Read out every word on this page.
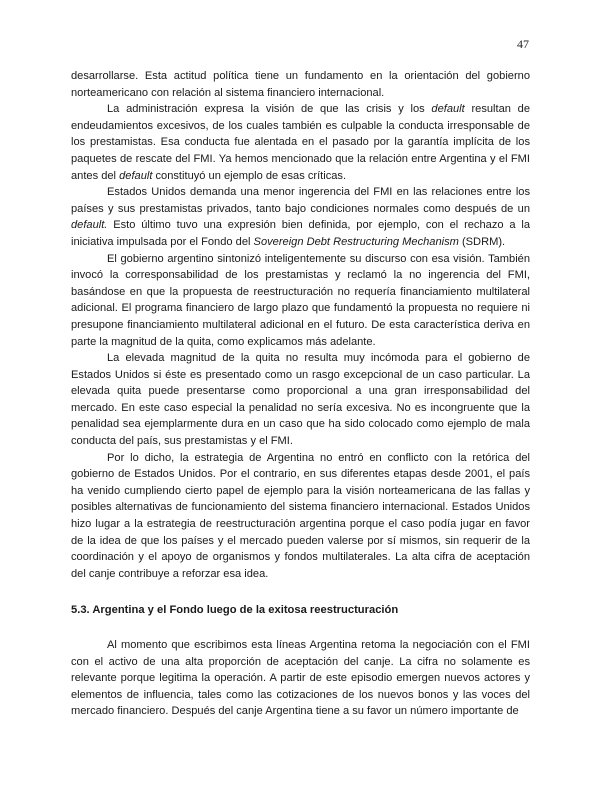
47

desarrollarse. Esta actitud política tiene un fundamento en la orientación del gobierno norteamericano con relación al sistema financiero internacional.

La administración expresa la visión de que las crisis y los default resultan de endeudamientos excesivos, de los cuales también es culpable la conducta irresponsable de los prestamistas. Esa conducta fue alentada en el pasado por la garantía implícita de los paquetes de rescate del FMI. Ya hemos mencionado que la relación entre Argentina y el FMI antes del default constituyó un ejemplo de esas críticas.

Estados Unidos demanda una menor ingerencia del FMI en las relaciones entre los países y sus prestamistas privados, tanto bajo condiciones normales como después de un default. Esto último tuvo una expresión bien definida, por ejemplo, con el rechazo a la iniciativa impulsada por el Fondo del Sovereign Debt Restructuring Mechanism (SDRM).

El gobierno argentino sintonizó inteligentemente su discurso con esa visión. También invocó la corresponsabilidad de los prestamistas y reclamó la no ingerencia del FMI, basándose en que la propuesta de reestructuración no requería financiamiento multilateral adicional. El programa financiero de largo plazo que fundamentó la propuesta no requiere ni presupone financiamiento multilateral adicional en el futuro. De esta característica deriva en parte la magnitud de la quita, como explicamos más adelante.

La elevada magnitud de la quita no resulta muy incómoda para el gobierno de Estados Unidos si éste es presentado como un rasgo excepcional de un caso particular. La elevada quita puede presentarse como proporcional a una gran irresponsabilidad del mercado. En este caso especial la penalidad no sería excesiva. No es incongruente que la penalidad sea ejemplarmente dura en un caso que ha sido colocado como ejemplo de mala conducta del país, sus prestamistas y el FMI.

Por lo dicho, la estrategia de Argentina no entró en conflicto con la retórica del gobierno de Estados Unidos. Por el contrario, en sus diferentes etapas desde 2001, el país ha venido cumpliendo cierto papel de ejemplo para la visión norteamericana de las fallas y posibles alternativas de funcionamiento del sistema financiero internacional. Estados Unidos hizo lugar a la estrategia de reestructuración argentina porque el caso podía jugar en favor de la idea de que los países y el mercado pueden valerse por sí mismos, sin requerir de la coordinación y el apoyo de organismos y fondos multilaterales. La alta cifra de aceptación del canje contribuye a reforzar esa idea.

5.3. Argentina y el Fondo luego de la exitosa reestructuración

Al momento que escribimos esta líneas Argentina retoma la negociación con el FMI con el activo de una alta proporción de aceptación del canje. La cifra no solamente es relevante porque legitima la operación. A partir de este episodio emergen nuevos actores y elementos de influencia, tales como las cotizaciones de los nuevos bonos y las voces del mercado financiero. Después del canje Argentina tiene a su favor un número importante de
